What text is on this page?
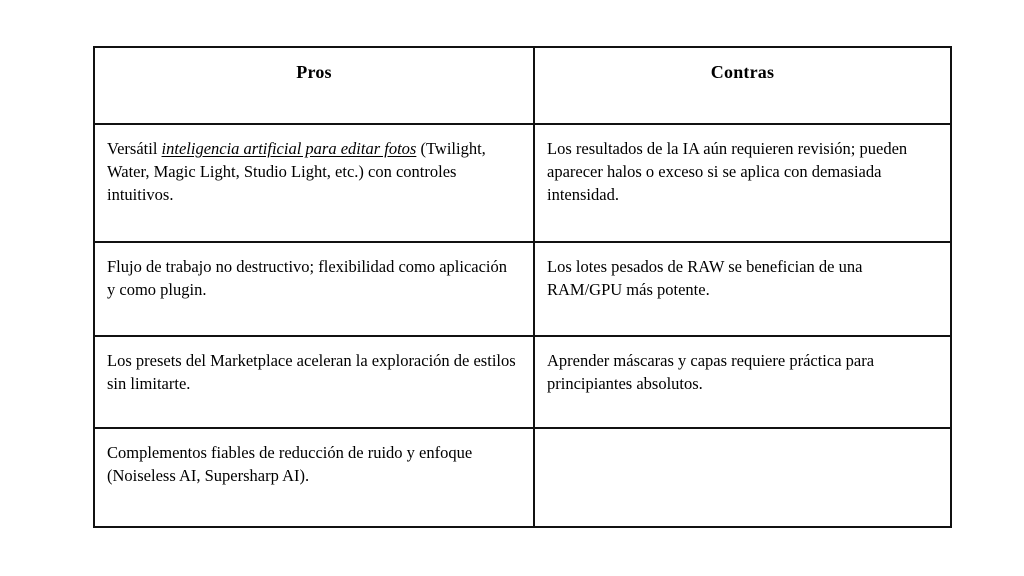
Pros	Contras

Versátil inteligencia artificial para editar fotos (Twilight, Water, Magic Light, Studio Light, etc.) con controles intuitivos.	Los resultados de la IA aún requieren revisión; pueden aparecer halos o exceso si se aplica con demasiada intensidad.

Flujo de trabajo no destructivo; flexibilidad como aplicación y como plugin.	Los lotes pesados de RAW se benefician de una RAM/GPU más potente.

Los presets del Marketplace aceleran la exploración de estilos sin limitarte.	Aprender máscaras y capas requiere práctica para principiantes absolutos.

Complementos fiables de reducción de ruido y enfoque (Noiseless AI, Supersharp AI).	
